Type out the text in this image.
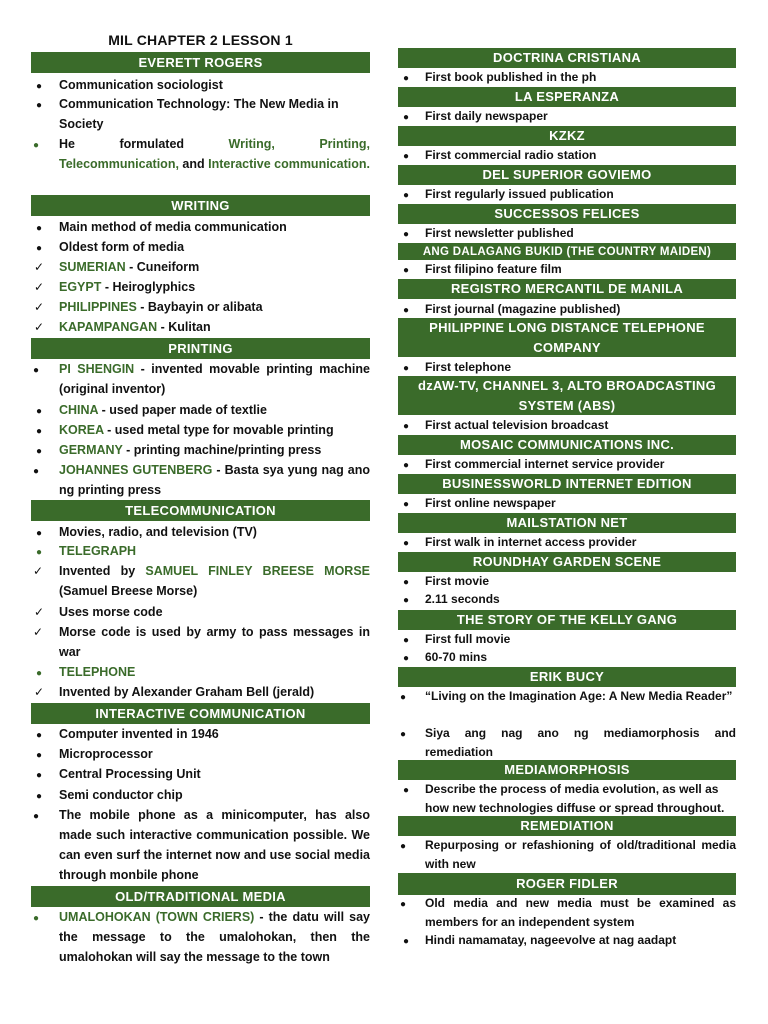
MIL CHAPTER 2 LESSON 1
EVERETT ROGERS
●
Communication sociologist
●
Communication Technology: The New Media in Society
●
He formulated Writing, Printing, Telecommunication, and Interactive communication.
WRITING
●
Main method of media communication
●
Oldest form of media
✓
SUMERIAN - Cuneiform
✓
EGYPT - Heiroglyphics
✓
PHILIPPINES - Baybayin or alibata
✓
KAPAMPANGAN - Kulitan
PRINTING
●
PI SHENGIN - invented movable printing machine (original inventor)
●
CHINA - used paper made of textlie
●
KOREA - used metal type for movable printing
●
GERMANY - printing machine/printing press
●
JOHANNES GUTENBERG - Basta sya yung nag ano ng printing press
TELECOMMUNICATION
●
Movies, radio, and television (TV)
●
TELEGRAPH
✓
Invented by SAMUEL FINLEY BREESE MORSE (Samuel Breese Morse)
✓
Uses morse code
✓
Morse code is used by army to pass messages in war
●
TELEPHONE
✓
Invented by Alexander Graham Bell (jerald)
INTERACTIVE COMMUNICATION
●
Computer invented in 1946
●
Microprocessor
●
Central Processing Unit
●
Semi conductor chip
●
The mobile phone as a minicomputer, has also made such interactive communication possible. We can even surf the internet now and use social media through monbile phone
OLD/TRADITIONAL MEDIA
●
UMALOHOKAN (TOWN CRIERS) - the datu will say the message to the umalohokan, then the umalohokan will say the message to the town
DOCTRINA CRISTIANA
●
First book published in the ph
LA ESPERANZA
●
First daily newspaper
KZKZ
●
First commercial radio station
DEL SUPERIOR GOVIEMO
●
First regularly issued publication
SUCCESSOS FELICES
●
First newsletter published
ANG DALAGANG BUKID (THE COUNTRY MAIDEN)
●
First filipino feature film
REGISTRO MERCANTIL DE MANILA
●
First journal (magazine published)
PHILIPPINE LONG DISTANCE TELEPHONE COMPANY
●
First telephone
dzAW-TV, CHANNEL 3, ALTO BROADCASTING SYSTEM (ABS)
●
First actual television broadcast
MOSAIC COMMUNICATIONS INC.
●
First commercial internet service provider
BUSINESSWORLD INTERNET EDITION
●
First online newspaper
MAILSTATION NET
●
First walk in internet access provider
ROUNDHAY GARDEN SCENE
●
First movie
●
2.11 seconds
THE STORY OF THE KELLY GANG
●
First full movie
●
60-70 mins
ERIK BUCY
●
“Living on the Imagination Age: A New Media Reader”
●
Siya ang nag ano ng mediamorphosis and remediation
MEDIAMORPHOSIS
●
Describe the process of media evolution, as well as how new technologies diffuse or spread throughout.
REMEDIATION
●
Repurposing or refashioning of old/traditional media with new
ROGER FIDLER
●
Old media and new media must be examined as members for an independent system
●
Hindi namamatay, nageevolve at nag aadapt
